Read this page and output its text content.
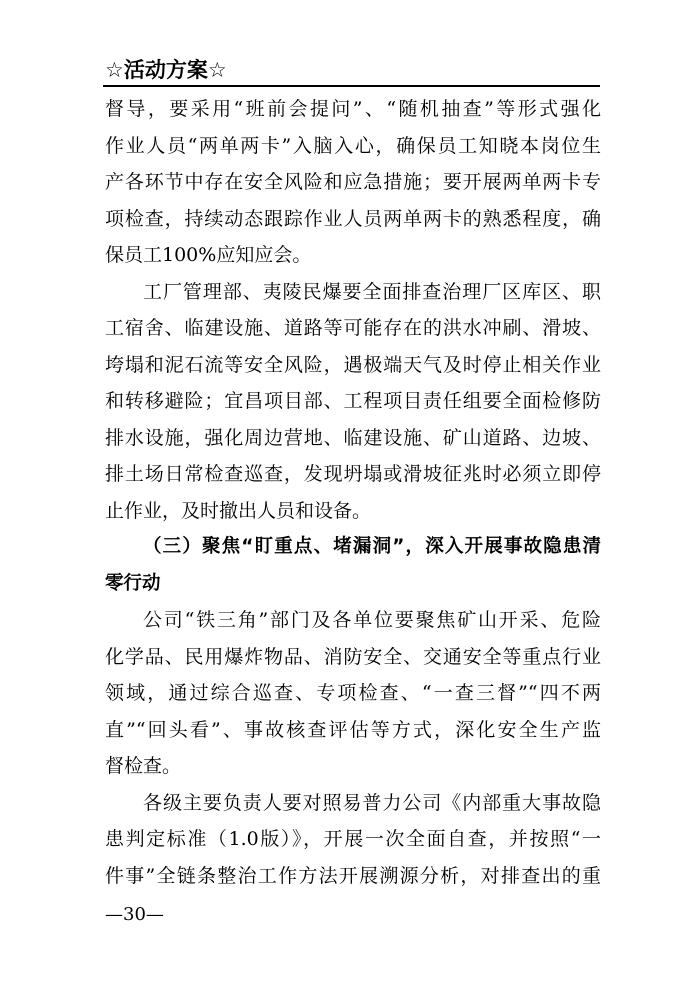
☆活动方案☆
督导，要采用“班前会提问”、“随机抽查”等形式强化
作业人员“两单两卡”入脑入心，确保员工知晓本岗位生
产各环节中存在安全风险和应急措施；要开展两单两卡专
项检查，持续动态跟踪作业人员两单两卡的熟悉程度，确
保员工100%应知应会。
工厂管理部、夷陵民爆要全面排查治理厂区库区、职
工宿舍、临建设施、道路等可能存在的洪水冲刷、滑坡、
垮塌和泥石流等安全风险，遇极端天气及时停止相关作业
和转移避险；宜昌项目部、工程项目责任组要全面检修防
排水设施，强化周边营地、临建设施、矿山道路、边坡、
排土场日常检查巡查，发现坍塌或滑坡征兆时必须立即停
止作业，及时撤出人员和设备。
（三）聚焦“盯重点、堵漏洞”，深入开展事故隐患清
零行动
公司“铁三角”部门及各单位要聚焦矿山开采、危险
化学品、民用爆炸物品、消防安全、交通安全等重点行业
领域，通过综合巡查、专项检查、“一查三督”“四不两
直”“回头看”、事故核查评估等方式，深化安全生产监
督检查。
各级主要负责人要对照易普力公司《内部重大事故隐
患判定标准（1.0版）》，开展一次全面自查，并按照“一
件事”全链条整治工作方法开展溯源分析，对排查出的重
—30—
